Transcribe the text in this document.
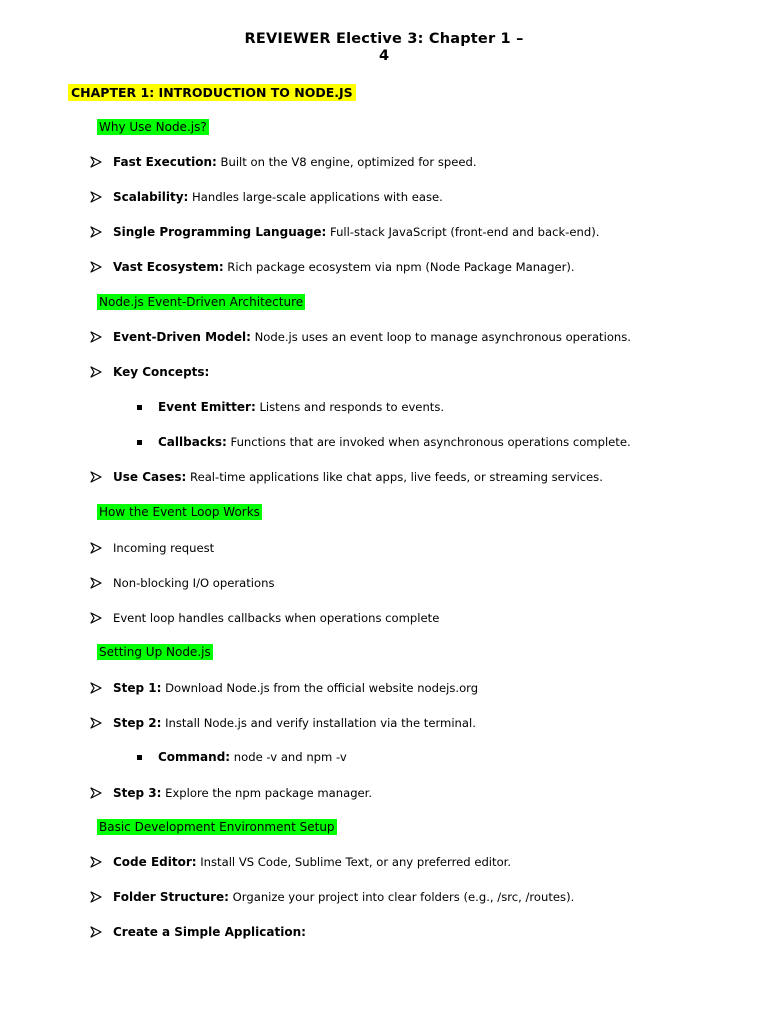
REVIEWER Elective 3: Chapter 1 –
4
CHAPTER 1: INTRODUCTION TO NODE.JS
Why Use Node.js?
Fast Execution: Built on the V8 engine, optimized for speed.
Scalability: Handles large-scale applications with ease.
Single Programming Language: Full-stack JavaScript (front-end and back-end).
Vast Ecosystem: Rich package ecosystem via npm (Node Package Manager).
Node.js Event-Driven Architecture
Event-Driven Model: Node.js uses an event loop to manage asynchronous operations.
Key Concepts:
Event Emitter: Listens and responds to events.
Callbacks: Functions that are invoked when asynchronous operations complete.
Use Cases: Real-time applications like chat apps, live feeds, or streaming services.
How the Event Loop Works
Incoming request
Non-blocking I/O operations
Event loop handles callbacks when operations complete
Setting Up Node.js
Step 1: Download Node.js from the official website nodejs.org
Step 2: Install Node.js and verify installation via the terminal.
Command: node -v and npm -v
Step 3: Explore the npm package manager.
Basic Development Environment Setup
Code Editor: Install VS Code, Sublime Text, or any preferred editor.
Folder Structure: Organize your project into clear folders (e.g., /src, /routes).
Create a Simple Application:
